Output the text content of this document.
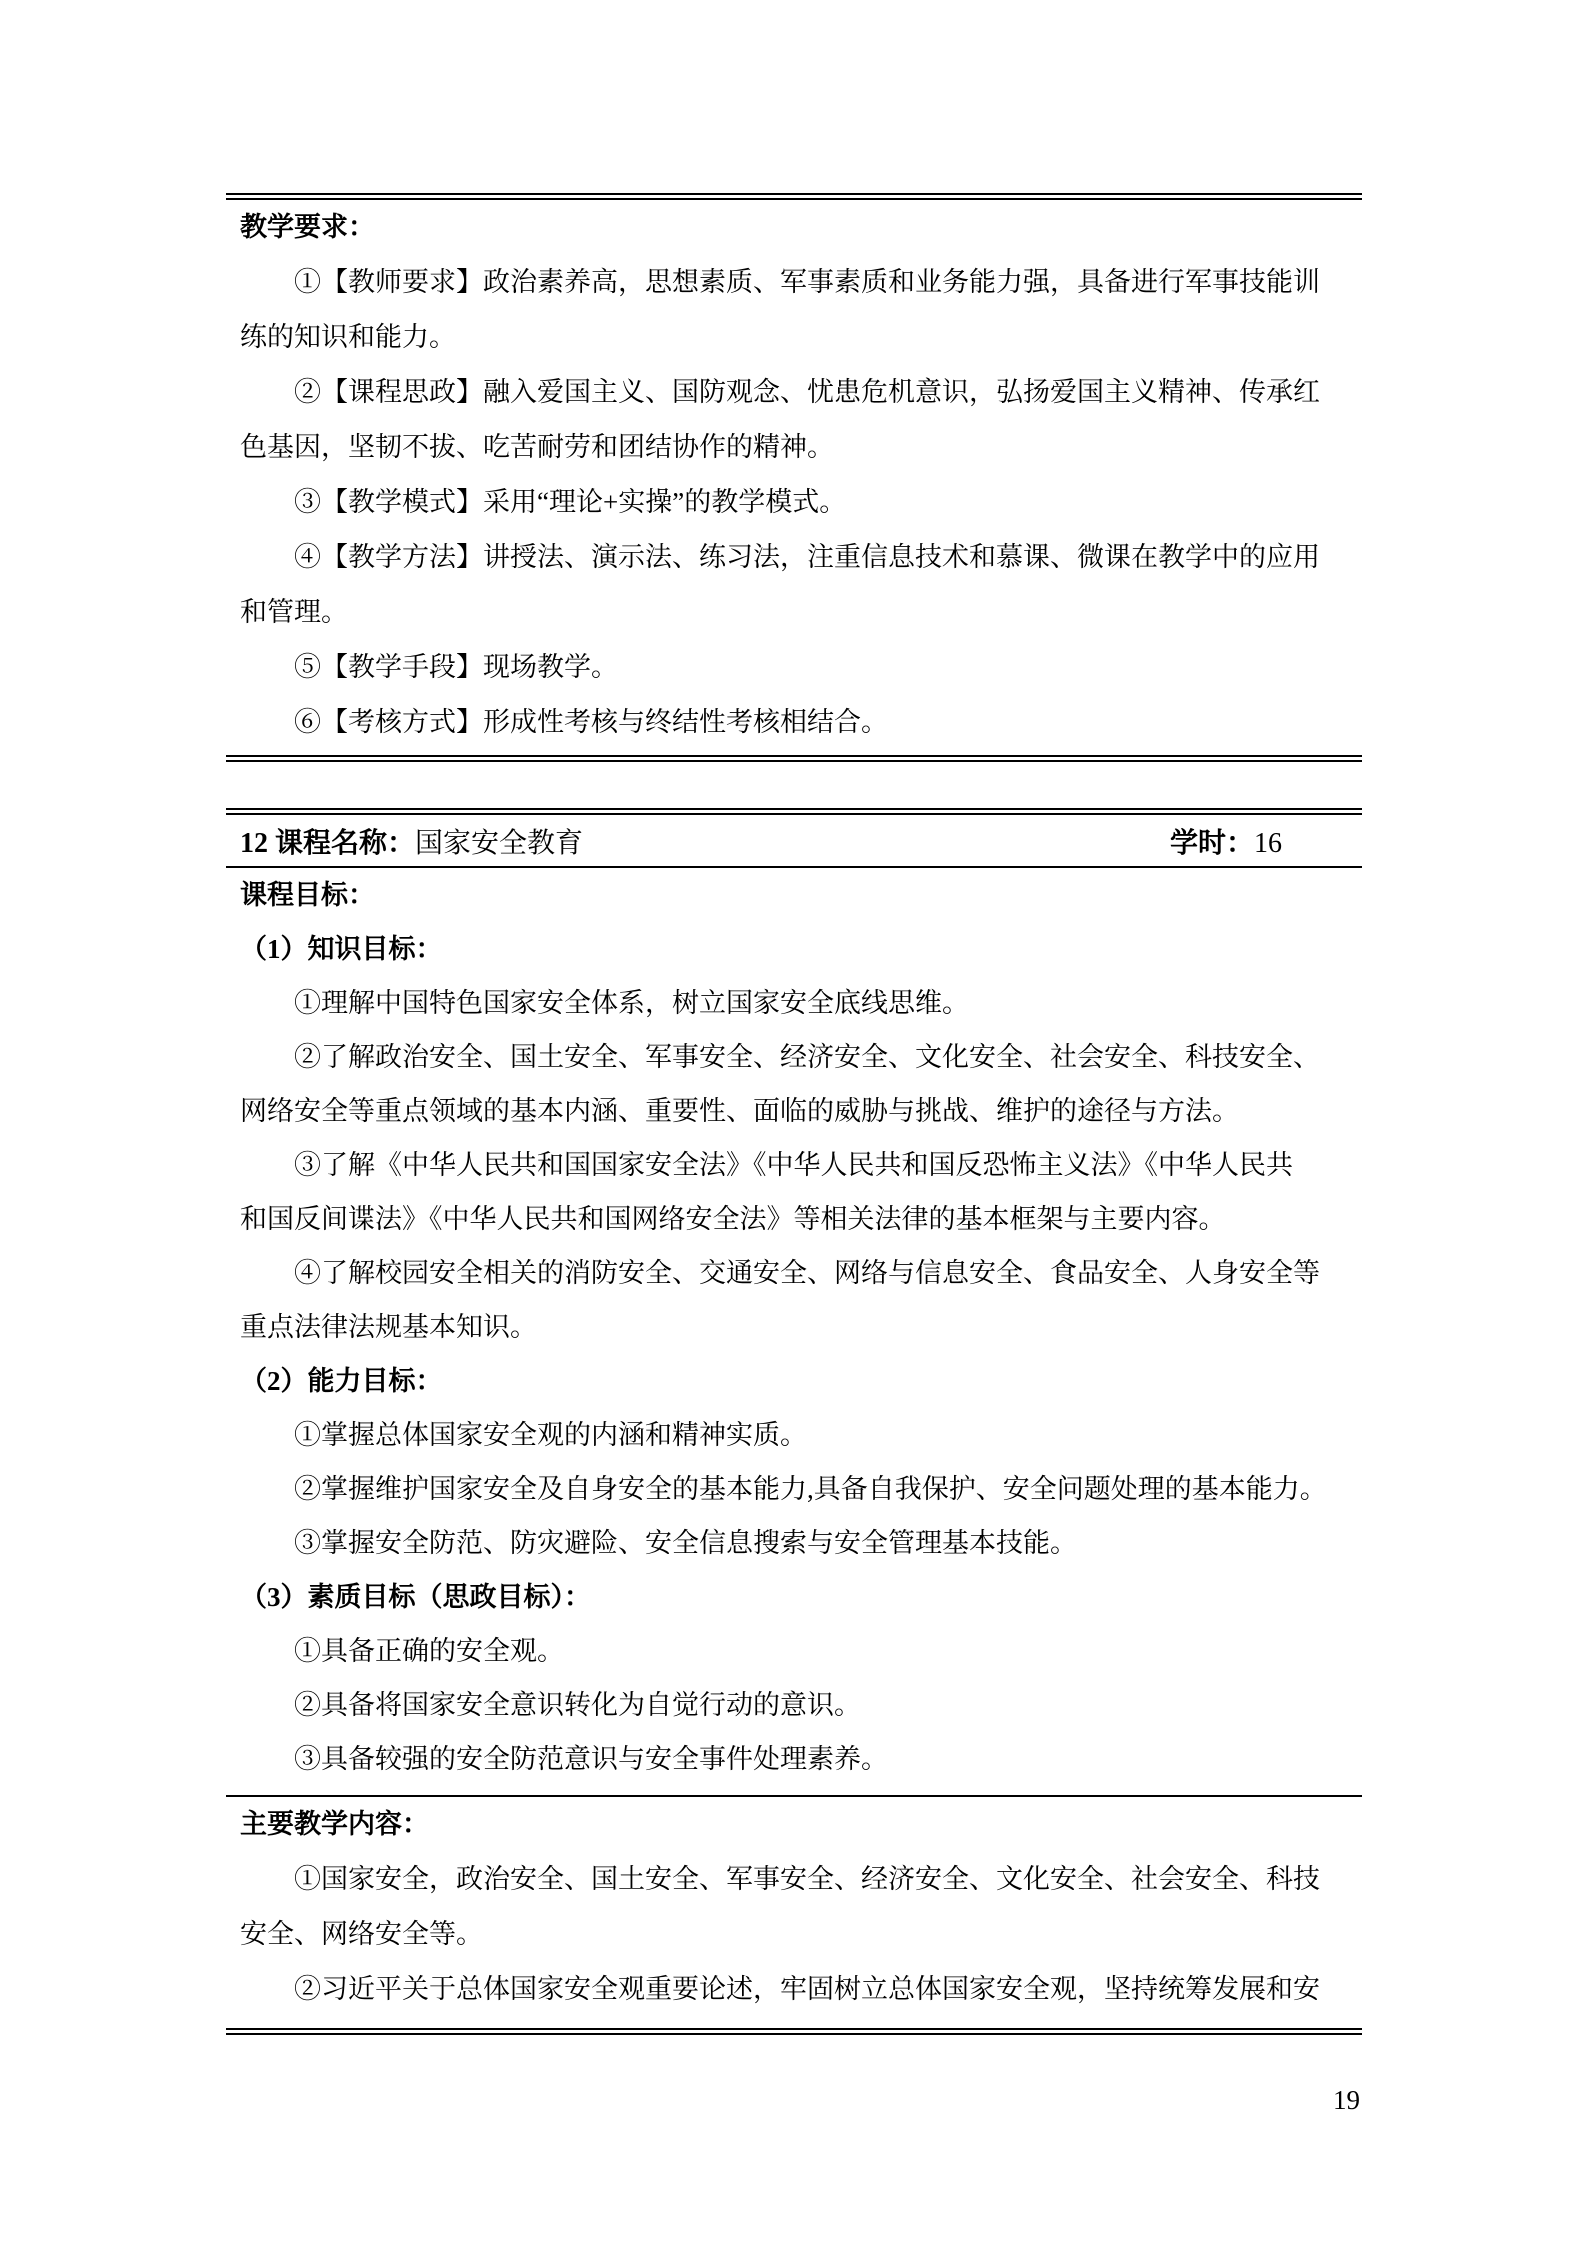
教学要求：
①【教师要求】政治素养高，思想素质、军事素质和业务能力强，具备进行军事技能训
练的知识和能力。
②【课程思政】融入爱国主义、国防观念、忧患危机意识，弘扬爱国主义精神、传承红
色基因，坚韧不拔、吃苦耐劳和团结协作的精神。
③【教学模式】采用“理论+实操”的教学模式。
④【教学方法】讲授法、演示法、练习法，注重信息技术和慕课、微课在教学中的应用
和管理。
⑤【教学手段】现场教学。
⑥【考核方式】形成性考核与终结性考核相结合。
12 课程名称：国家安全教育	学时：16
课程目标：
（1）知识目标：
①理解中国特色国家安全体系，树立国家安全底线思维。
②了解政治安全、国土安全、军事安全、经济安全、文化安全、社会安全、科技安全、
网络安全等重点领域的基本内涵、重要性、面临的威胁与挑战、维护的途径与方法。
③了解《中华人民共和国国家安全法》《中华人民共和国反恐怖主义法》《中华人民共
和国反间谍法》《中华人民共和国网络安全法》等相关法律的基本框架与主要内容。
④了解校园安全相关的消防安全、交通安全、网络与信息安全、食品安全、人身安全等
重点法律法规基本知识。
（2）能力目标：
①掌握总体国家安全观的内涵和精神实质。
②掌握维护国家安全及自身安全的基本能力,具备自我保护、安全问题处理的基本能力。
③掌握安全防范、防灾避险、安全信息搜索与安全管理基本技能。
（3）素质目标（思政目标）：
①具备正确的安全观。
②具备将国家安全意识转化为自觉行动的意识。
③具备较强的安全防范意识与安全事件处理素养。
主要教学内容：
①国家安全，政治安全、国土安全、军事安全、经济安全、文化安全、社会安全、科技
安全、网络安全等。
②习近平关于总体国家安全观重要论述，牢固树立总体国家安全观，坚持统筹发展和安
19
